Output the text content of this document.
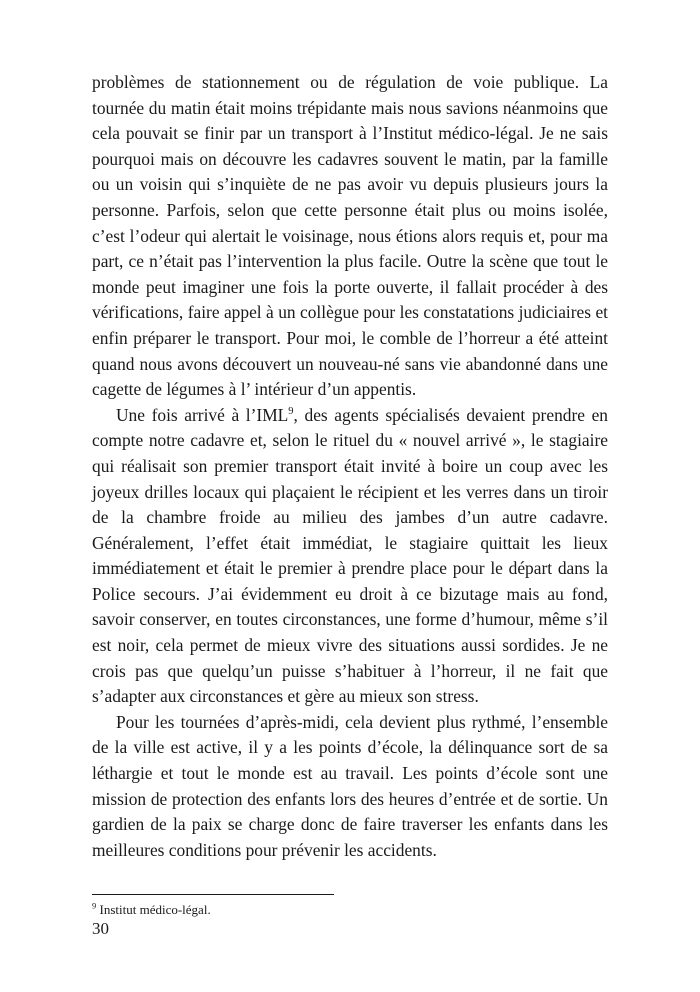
problèmes de stationnement ou de régulation de voie publique. La tournée du matin était moins trépidante mais nous savions néanmoins que cela pouvait se finir par un transport à l’Institut médico-légal. Je ne sais pourquoi mais on découvre les cadavres souvent le matin, par la famille ou un voisin qui s’inquiète de ne pas avoir vu depuis plusieurs jours la personne. Parfois, selon que cette personne était plus ou moins isolée, c’est l’odeur qui alertait le voisinage, nous étions alors requis et, pour ma part, ce n’était pas l’intervention la plus facile. Outre la scène que tout le monde peut imaginer une fois la porte ouverte, il fallait procéder à des vérifications, faire appel à un collègue pour les constatations judiciaires et enfin préparer le transport. Pour moi, le comble de l’horreur a été atteint quand nous avons découvert un nouveau-né sans vie abandonné dans une cagette de légumes à l’ intérieur d’un appentis.

Une fois arrivé à l’IML$^9$, des agents spécialisés devaient prendre en compte notre cadavre et, selon le rituel du « nouvel arrivé », le stagiaire qui réalisait son premier transport était invité à boire un coup avec les joyeux drilles locaux qui plaçaient le récipient et les verres dans un tiroir de la chambre froide au milieu des jambes d’un autre cadavre. Généralement, l’effet était immédiat, le stagiaire quittait les lieux immédiatement et était le premier à prendre place pour le départ dans la Police secours. J’ai évidemment eu droit à ce bizutage mais au fond, savoir conserver, en toutes circonstances, une forme d’humour, même s’il est noir, cela permet de mieux vivre des situations aussi sordides. Je ne crois pas que quelqu’un puisse s’habituer à l’horreur, il ne fait que s’adapter aux circonstances et gère au mieux son stress.

Pour les tournées d’après-midi, cela devient plus rythmé, l’ensemble de la ville est active, il y a les points d’école, la délinquance sort de sa léthargie et tout le monde est au travail. Les points d’école sont une mission de protection des enfants lors des heures d’entrée et de sortie. Un gardien de la paix se charge donc de faire traverser les enfants dans les meilleures conditions pour prévenir les accidents.

$^9$ Institut médico-légal.
30
